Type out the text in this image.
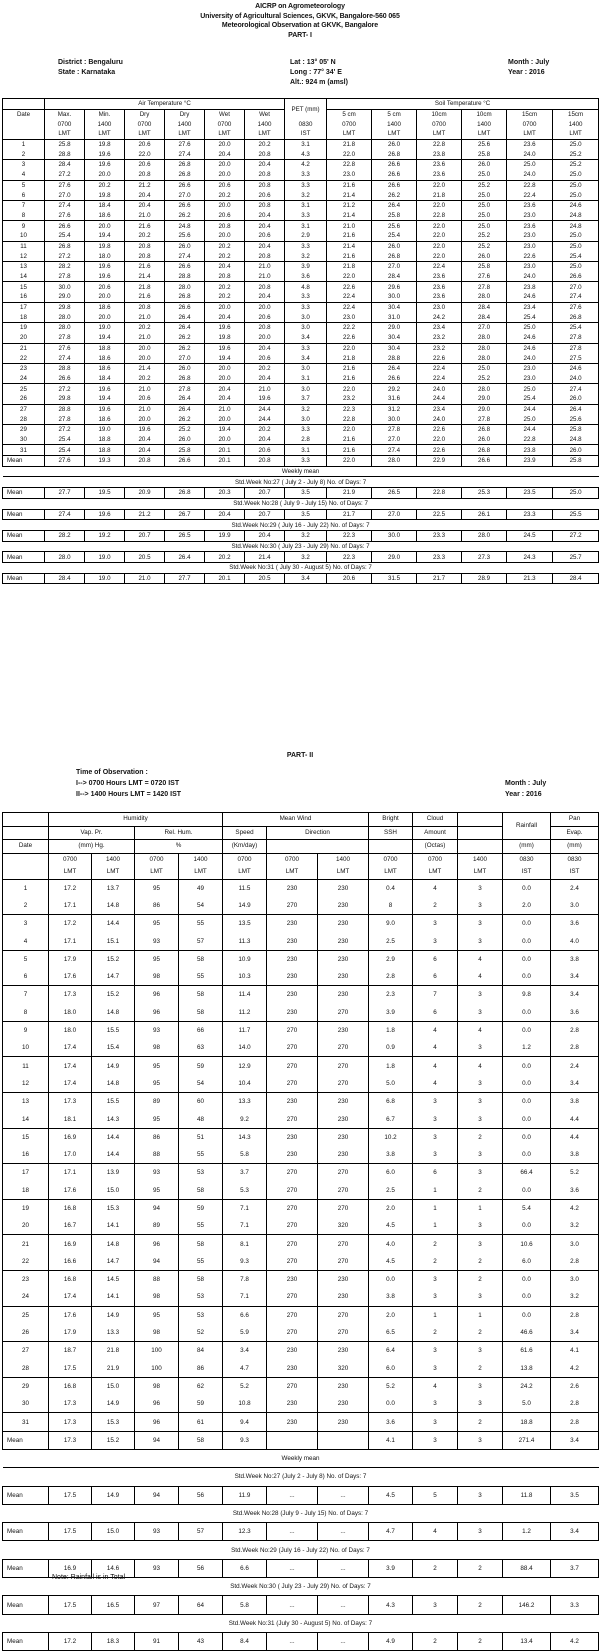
AICRP on Agrometeorology
University of Agricultural Sciences, GKVK, Bangalore-560 065
Meteorological Observation at GKVK, Bangalore
PART- I
District : Bengaluru
State : Karnataka
Lat : 13° 05' N
Long : 77° 34' E
Alt.: 924 m (amsl)
Month : July
Year : 2016
	Air Temperature °C						PET (mm)	Soil Temperature °C					
Date	Max.	Min.	Dry	Dry	Wet	Wet		5 cm	5 cm	10cm	10cm	15cm	15cm
	0700	1400	0700	1400	0700	1400	0830	0700	1400	0700	1400	0700	1400
	LMT	LMT	LMT	LMT	LMT	LMT	IST	LMT	LMT	LMT	LMT	LMT	LMT
1	25.8	19.8	20.6	27.6	20.0	20.2	3.1	21.8	26.0	22.8	25.6	23.6	25.0
2	28.8	19.6	22.0	27.4	20.4	20.8	4.3	22.0	26.8	23.8	25.8	24.0	25.2
3	28.4	19.6	20.6	26.8	20.0	20.4	4.2	22.8	26.6	23.6	26.0	25.0	25.2
4	27.2	20.0	20.8	26.8	20.0	20.8	3.3	23.0	26.6	23.6	25.0	24.0	25.0
5	27.6	20.2	21.2	26.6	20.6	20.8	3.3	21.6	26.6	22.0	25.2	22.8	25.0
6	27.0	19.8	20.4	27.0	20.2	20.6	3.2	21.4	26.2	21.8	25.0	22.4	25.0
7	27.4	18.4	20.4	26.6	20.0	20.8	3.1	21.2	26.4	22.0	25.0	23.6	24.6
8	27.6	18.6	21.0	26.2	20.6	20.4	3.3	21.4	25.8	22.8	25.0	23.0	24.8
9	26.6	20.0	21.6	24.8	20.8	20.4	3.1	21.0	25.6	22.0	25.0	23.6	24.8
10	25.4	19.4	20.2	25.6	20.0	20.6	2.9	21.6	25.4	22.0	25.2	23.0	25.0
11	26.8	19.8	20.8	26.0	20.2	20.4	3.3	21.4	26.0	22.0	25.2	23.0	25.0
12	27.2	18.0	20.8	27.4	20.2	20.8	3.2	21.6	26.8	22.0	26.0	22.6	25.4
13	28.2	19.6	21.6	26.6	20.4	21.0	3.9	21.8	27.0	22.4	25.8	23.0	25.0
14	27.8	19.6	21.4	28.8	20.8	21.0	3.6	22.0	28.4	23.6	27.6	24.0	26.6
15	30.0	20.6	21.8	28.0	20.2	20.8	4.8	22.6	29.6	23.6	27.8	23.8	27.0
16	29.0	20.0	21.6	26.8	20.2	20.4	3.3	22.4	30.0	23.6	28.0	24.6	27.4
17	29.8	18.6	20.8	26.6	20.0	20.0	3.3	22.4	30.4	23.0	28.4	23.4	27.6
18	28.0	20.0	21.0	26.4	20.4	20.6	3.0	23.0	31.0	24.2	28.4	25.4	26.8
19	28.0	19.0	20.2	26.4	19.6	20.8	3.0	22.2	29.0	23.4	27.0	25.0	25.4
20	27.8	19.4	21.0	26.2	19.8	20.0	3.4	22.6	30.4	23.2	28.0	24.6	27.8
21	27.6	18.8	20.0	26.2	19.6	20.4	3.3	22.0	30.4	23.2	28.0	24.6	27.8
22	27.4	18.6	20.0	27.0	19.4	20.6	3.4	21.8	28.8	22.6	28.0	24.0	27.5
23	28.8	18.6	21.4	26.0	20.0	20.2	3.0	21.6	26.4	22.4	25.0	23.0	24.6
24	26.6	18.4	20.2	26.8	20.0	20.4	3.1	21.6	26.6	22.4	25.2	23.0	24.0
25	27.2	19.6	21.0	27.8	20.4	21.0	3.0	22.0	29.2	24.0	28.0	25.0	27.4
26	29.8	19.4	20.6	26.4	20.4	19.6	3.7	23.2	31.6	24.4	29.0	25.4	26.0
27	28.8	19.6	21.0	26.4	21.0	24.4	3.2	22.3	31.2	23.4	29.0	24.4	26.4
28	27.8	18.6	20.0	26.2	20.0	24.4	3.0	22.8	30.0	24.0	27.8	25.0	25.6
29	27.2	19.0	19.6	25.2	19.4	20.2	3.3	22.0	27.8	22.6	26.8	24.4	25.8
30	25.4	18.8	20.4	26.0	20.0	20.4	2.8	21.6	27.0	22.0	26.0	22.8	24.8
31	25.4	18.8	20.4	25.8	20.1	20.6	3.1	21.6	27.4	22.6	26.8	23.8	26.0
Mean	27.6	19.3	20.8	26.6	20.1	20.8	3.3	22.0	28.0	22.9	26.6	23.9	25.8
Weekly mean													
Std.Week No:27 ( July 2 - July 8) No. of Days: 7													
Mean	27.7	19.5	20.9	26.8	20.3	20.7	3.5	21.9	26.5	22.8	25.3	23.5	25.0
Std.Week No:28 ( July 9 - July 15) No. of Days: 7													
Mean	27.4	19.6	21.2	26.7	20.4	20.7	3.5	21.7	27.0	22.5	26.1	23.3	25.5
Std.Week No:29 ( July 16 - July 22) No. of Days: 7													
Mean	28.2	19.2	20.7	26.5	19.9	20.4	3.2	22.3	30.0	23.3	28.0	24.5	27.2
Std.Week No:30 ( July 23 - July 29) No. of Days: 7													
Mean	28.0	19.0	20.5	26.4	20.2	21.4	3.2	22.3	29.0	23.3	27.3	24.3	25.7
Std.Week No:31 ( July 30 - August 5) No. of Days: 7													
Mean	28.4	19.0	21.0	27.7	20.1	20.5	3.4	20.6	31.5	21.7	28.9	21.3	28.4
PART- II
Time of Observation :
I--> 0700 Hours LMT = 0720 IST
II--> 1400 Hours LMT = 1420 IST
Month : July
Year : 2016
	Humidity				Mean Wind			Bright	Cloud		Rainfall	Pan
	Vap. Pr.		Rel. Hum.		Speed	Direction		SSH	Amount			Evap.
Date	(mm) Hg.		%		(Km/day)				(Octas)		(mm)	(mm)
	0700	1400	0700	1400	0700	0700	1400	0700	0700	1400	0830	0830
	LMT	LMT	LMT	LMT	LMT	LMT	LMT	LMT	LMT	LMT	IST	IST
1	17.2	13.7	95	49	11.5	230	230	0.4	4	3	0.0	2.4
2	17.1	14.8	86	54	14.9	270	230	8	2	3	2.0	3.0
3	17.2	14.4	95	55	13.5	230	230	9.0	3	3	0.0	3.6
4	17.1	15.1	93	57	11.3	230	230	2.5	3	3	0.0	4.0
5	17.9	15.2	95	58	10.9	230	230	2.9	6	4	0.0	3.8
6	17.6	14.7	98	55	10.3	230	230	2.8	6	4	0.0	3.4
7	17.3	15.2	96	58	11.4	230	230	2.3	7	3	9.8	3.4
8	18.0	14.8	96	58	11.2	230	270	3.9	6	3	0.0	3.6
9	18.0	15.5	93	66	11.7	270	230	1.8	4	4	0.0	2.8
10	17.4	15.4	98	63	14.0	270	270	0.9	4	3	1.2	2.8
11	17.4	14.9	95	59	12.9	270	270	1.8	4	4	0.0	2.4
12	17.4	14.8	95	54	10.4	270	270	5.0	4	3	0.0	3.4
13	17.3	15.5	89	60	13.3	230	230	6.8	3	3	0.0	3.8
14	18.1	14.3	95	48	9.2	270	230	6.7	3	3	0.0	4.4
15	16.9	14.4	86	51	14.3	230	230	10.2	3	2	0.0	4.4
16	17.0	14.4	88	55	5.8	230	230	3.8	3	3	0.0	3.8
17	17.1	13.9	93	53	3.7	270	270	6.0	6	3	66.4	5.2
18	17.6	15.0	95	58	5.3	270	270	2.5	1	2	0.0	3.6
19	16.8	15.3	94	59	7.1	270	270	2.0	1	1	5.4	4.2
20	16.7	14.1	89	55	7.1	270	320	4.5	1	3	0.0	3.2
21	16.9	14.8	96	58	8.1	270	270	4.0	2	3	10.6	3.0
22	16.6	14.7	94	55	9.3	270	270	4.5	2	2	6.0	2.8
23	16.8	14.5	88	58	7.8	230	230	0.0	3	2	0.0	3.0
24	17.4	14.1	98	53	7.1	270	230	3.8	3	3	0.0	3.2
25	17.6	14.9	95	53	6.6	270	270	2.0	1	1	0.0	2.8
26	17.9	13.3	98	52	5.9	270	270	6.5	2	2	46.6	3.4
27	18.7	21.8	100	84	3.4	230	230	6.4	3	3	61.6	4.1
28	17.5	21.9	100	86	4.7	230	320	6.0	3	2	13.8	4.2
29	16.8	15.0	98	62	5.2	270	230	5.2	4	3	24.2	2.6
30	17.3	14.9	96	59	10.8	230	230	0.0	3	3	5.0	2.8
31	17.3	15.3	96	61	9.4	230	230	3.6	3	2	18.8	2.8
Mean	17.3	15.2	94	58	9.3			4.1	3	3	271.4	3.4
Weekly mean												
Std.Week No:27 (July 2 - July 8) No. of Days: 7												
Mean	17.5	14.9	94	56	11.9	...	...	4.5	5	3	11.8	3.5
Std.Week No:28 (July 9 - July 15) No. of Days: 7												
Mean	17.5	15.0	93	57	12.3	...	...	4.7	4	3	1.2	3.4
Std.Week No:29 (July 16 - July 22) No. of Days: 7												
Mean	16.9	14.6	93	56	6.6	...	...	3.9	2	2	88.4	3.7
Std.Week No:30 ( July 23 - July 29) No. of Days: 7												
Mean	17.5	16.5	97	64	5.8	...	...	4.3	3	2	146.2	3.3
Std.Week No:31 (July 30 - August 5) No. of Days: 7												
Mean	17.2	18.3	91	43	8.4	...	...	4.9	2	2	13.4	4.2
Note: Rainfall is in Total
